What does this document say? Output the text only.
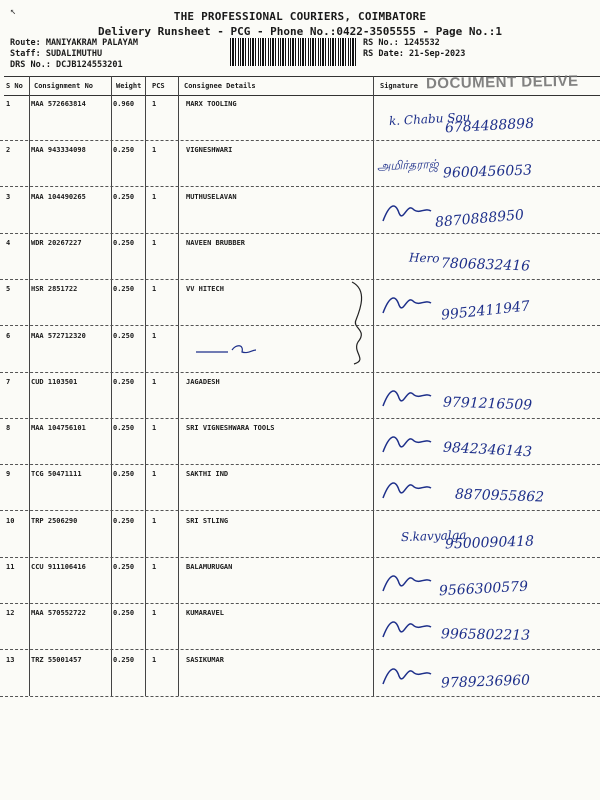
↖	THE PROFESSIONAL COURIERS, COIMBATORE
Delivery Runsheet - PCG - Phone No.:0422-3505555 - Page No.:1
Route: MANIYAKRAM PALAYAM
Staff: SUDALIMUTHU
DRS No.: DCJB124553201
RS No.: 1245532
RS Date: 21-Sep-2023
S No Consignment No	Weight PCS	Consignee Details	Signature DOCUMENT DELIVE
1	MAA 572663814	0.960	1	MARX TOOLING
k. Chabu Sou
6784488898
2	MAA 943334098	0.250	1	VIGNESHWARI
அமிர்தராஜ் 9600456053
3	MAA 104490265	0.250	1	MUTHUSELAVAN
8870888950
4	WDR 20267227	0.250	1	NAVEEN BRUBBER
Hero 7806832416
5	HSR 2851722	0.250	1	VV HITECH
9952411947
6	MAA 572712320	0.250	1
7	CUD 1103501	0.250	1	JAGADESH
9791216509
8	MAA 104756101	0.250	1	SRI VIGNESHWARA TOOLS
9842346143
9	TCG 50471111	0.250	1	SAKTHI IND
8870955862
10 TRP 2506290	0.250	1	SRI STLING
S.kavyalga
9500090418
11 CCU 911106416	0.250	1	BALAMURUGAN
9566300579
12 MAA 570552722	0.250	1	KUMARAVEL
9965802213
13 TRZ 55001457	0.250	1	SASIKUMAR
9789236960
